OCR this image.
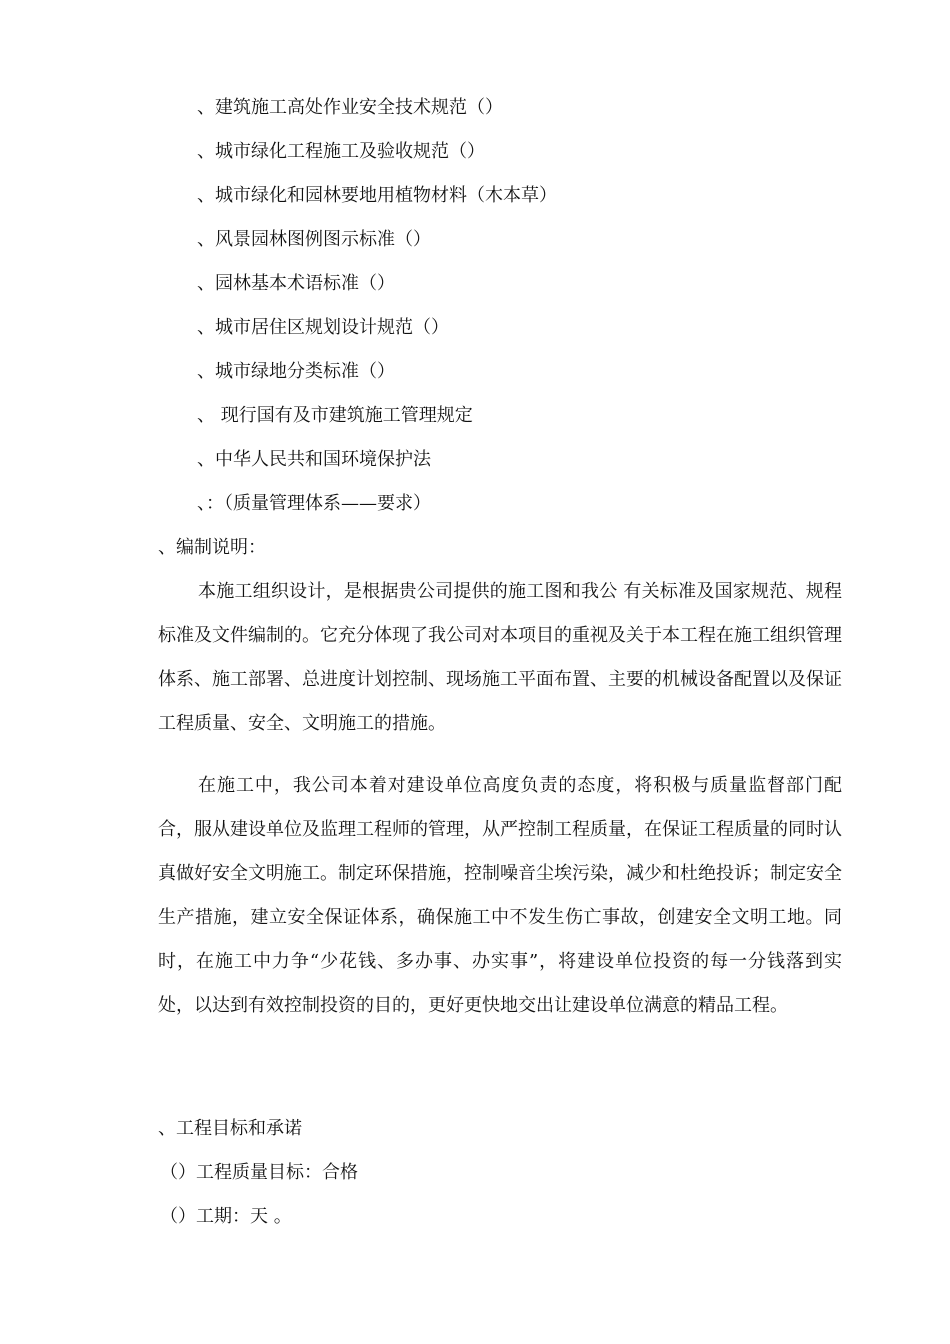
、建筑施工高处作业安全技术规范（）
、城市绿化工程施工及验收规范（）
、城市绿化和园林要地用植物材料（木本草）
、风景园林图例图示标准（）
、园林基本术语标准（）
、城市居住区规划设计规范（）
、城市绿地分类标准（）
、 现行国有及市建筑施工管理规定
、中华人民共和国环境保护法
、：（质量管理体系——要求）
、编制说明：

本施工组织设计，是根据贵公司提供的施工图和我公 有关标准及国家规范、规程标准及文件编制的。它充分体现了我公司对本项目的重视及关于本工程在施工组织管理体系、施工部署、总进度计划控制、现场施工平面布置、主要的机械设备配置以及保证工程质量、安全、文明施工的措施。

在施工中，我公司本着对建设单位高度负责的态度，将积极与质量监督部门配合，服从建设单位及监理工程师的管理，从严控制工程质量，在保证工程质量的同时认真做好安全文明施工。制定环保措施，控制噪音尘埃污染，减少和杜绝投诉；制定安全生产措施，建立安全保证体系，确保施工中不发生伤亡事故，创建安全文明工地。同时，在施工中力争“少花钱、多办事、办实事”，将建设单位投资的每一分钱落到实处，以达到有效控制投资的目的，更好更快地交出让建设单位满意的精品工程。

、工程目标和承诺
（）工程质量目标：合格
（）工期：天 。
